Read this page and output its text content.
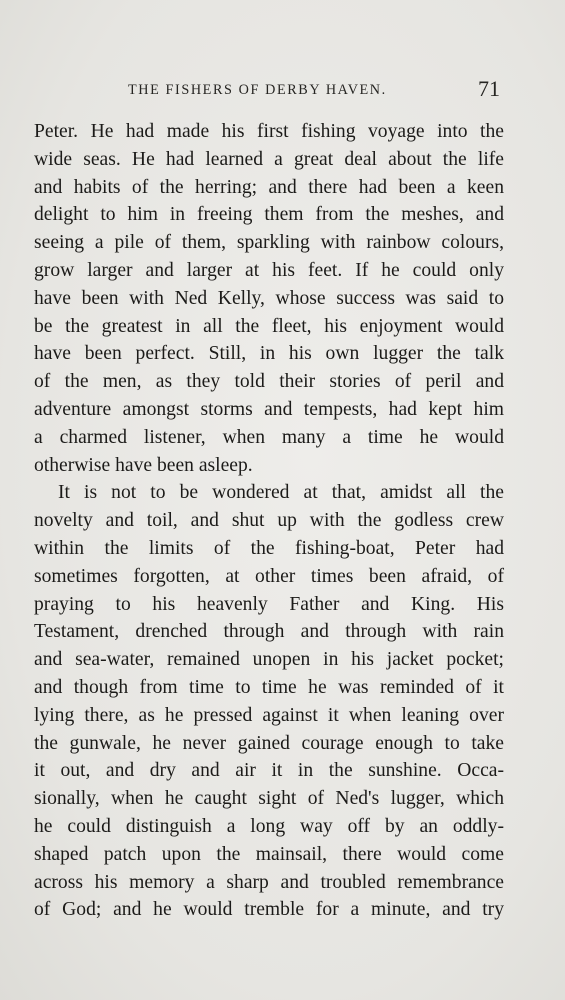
THE FISHERS OF DERBY HAVEN.	71
Peter. He had made his first fishing voyage into the
wide seas. He had learned a great deal about the life
and habits of the herring; and there had been a keen
delight to him in freeing them from the meshes, and
seeing a pile of them, sparkling with rainbow colours,
grow larger and larger at his feet. If he could only
have been with Ned Kelly, whose success was said to
be the greatest in all the fleet, his enjoyment would
have been perfect. Still, in his own lugger the talk
of the men, as they told their stories of peril and
adventure amongst storms and tempests, had kept him
a charmed listener, when many a time he would
otherwise have been asleep.
It is not to be wondered at that, amidst all the
novelty and toil, and shut up with the godless crew
within the limits of the fishing-boat, Peter had
sometimes forgotten, at other times been afraid, of
praying to his heavenly Father and King. His
Testament, drenched through and through with rain
and sea-water, remained unopen in his jacket pocket;
and though from time to time he was reminded of it
lying there, as he pressed against it when leaning over
the gunwale, he never gained courage enough to take
it out, and dry and air it in the sunshine. Occa-
sionally, when he caught sight of Ned's lugger, which
he could distinguish a long way off by an oddly-
shaped patch upon the mainsail, there would come
across his memory a sharp and troubled remembrance
of God; and he would tremble for a minute, and try
